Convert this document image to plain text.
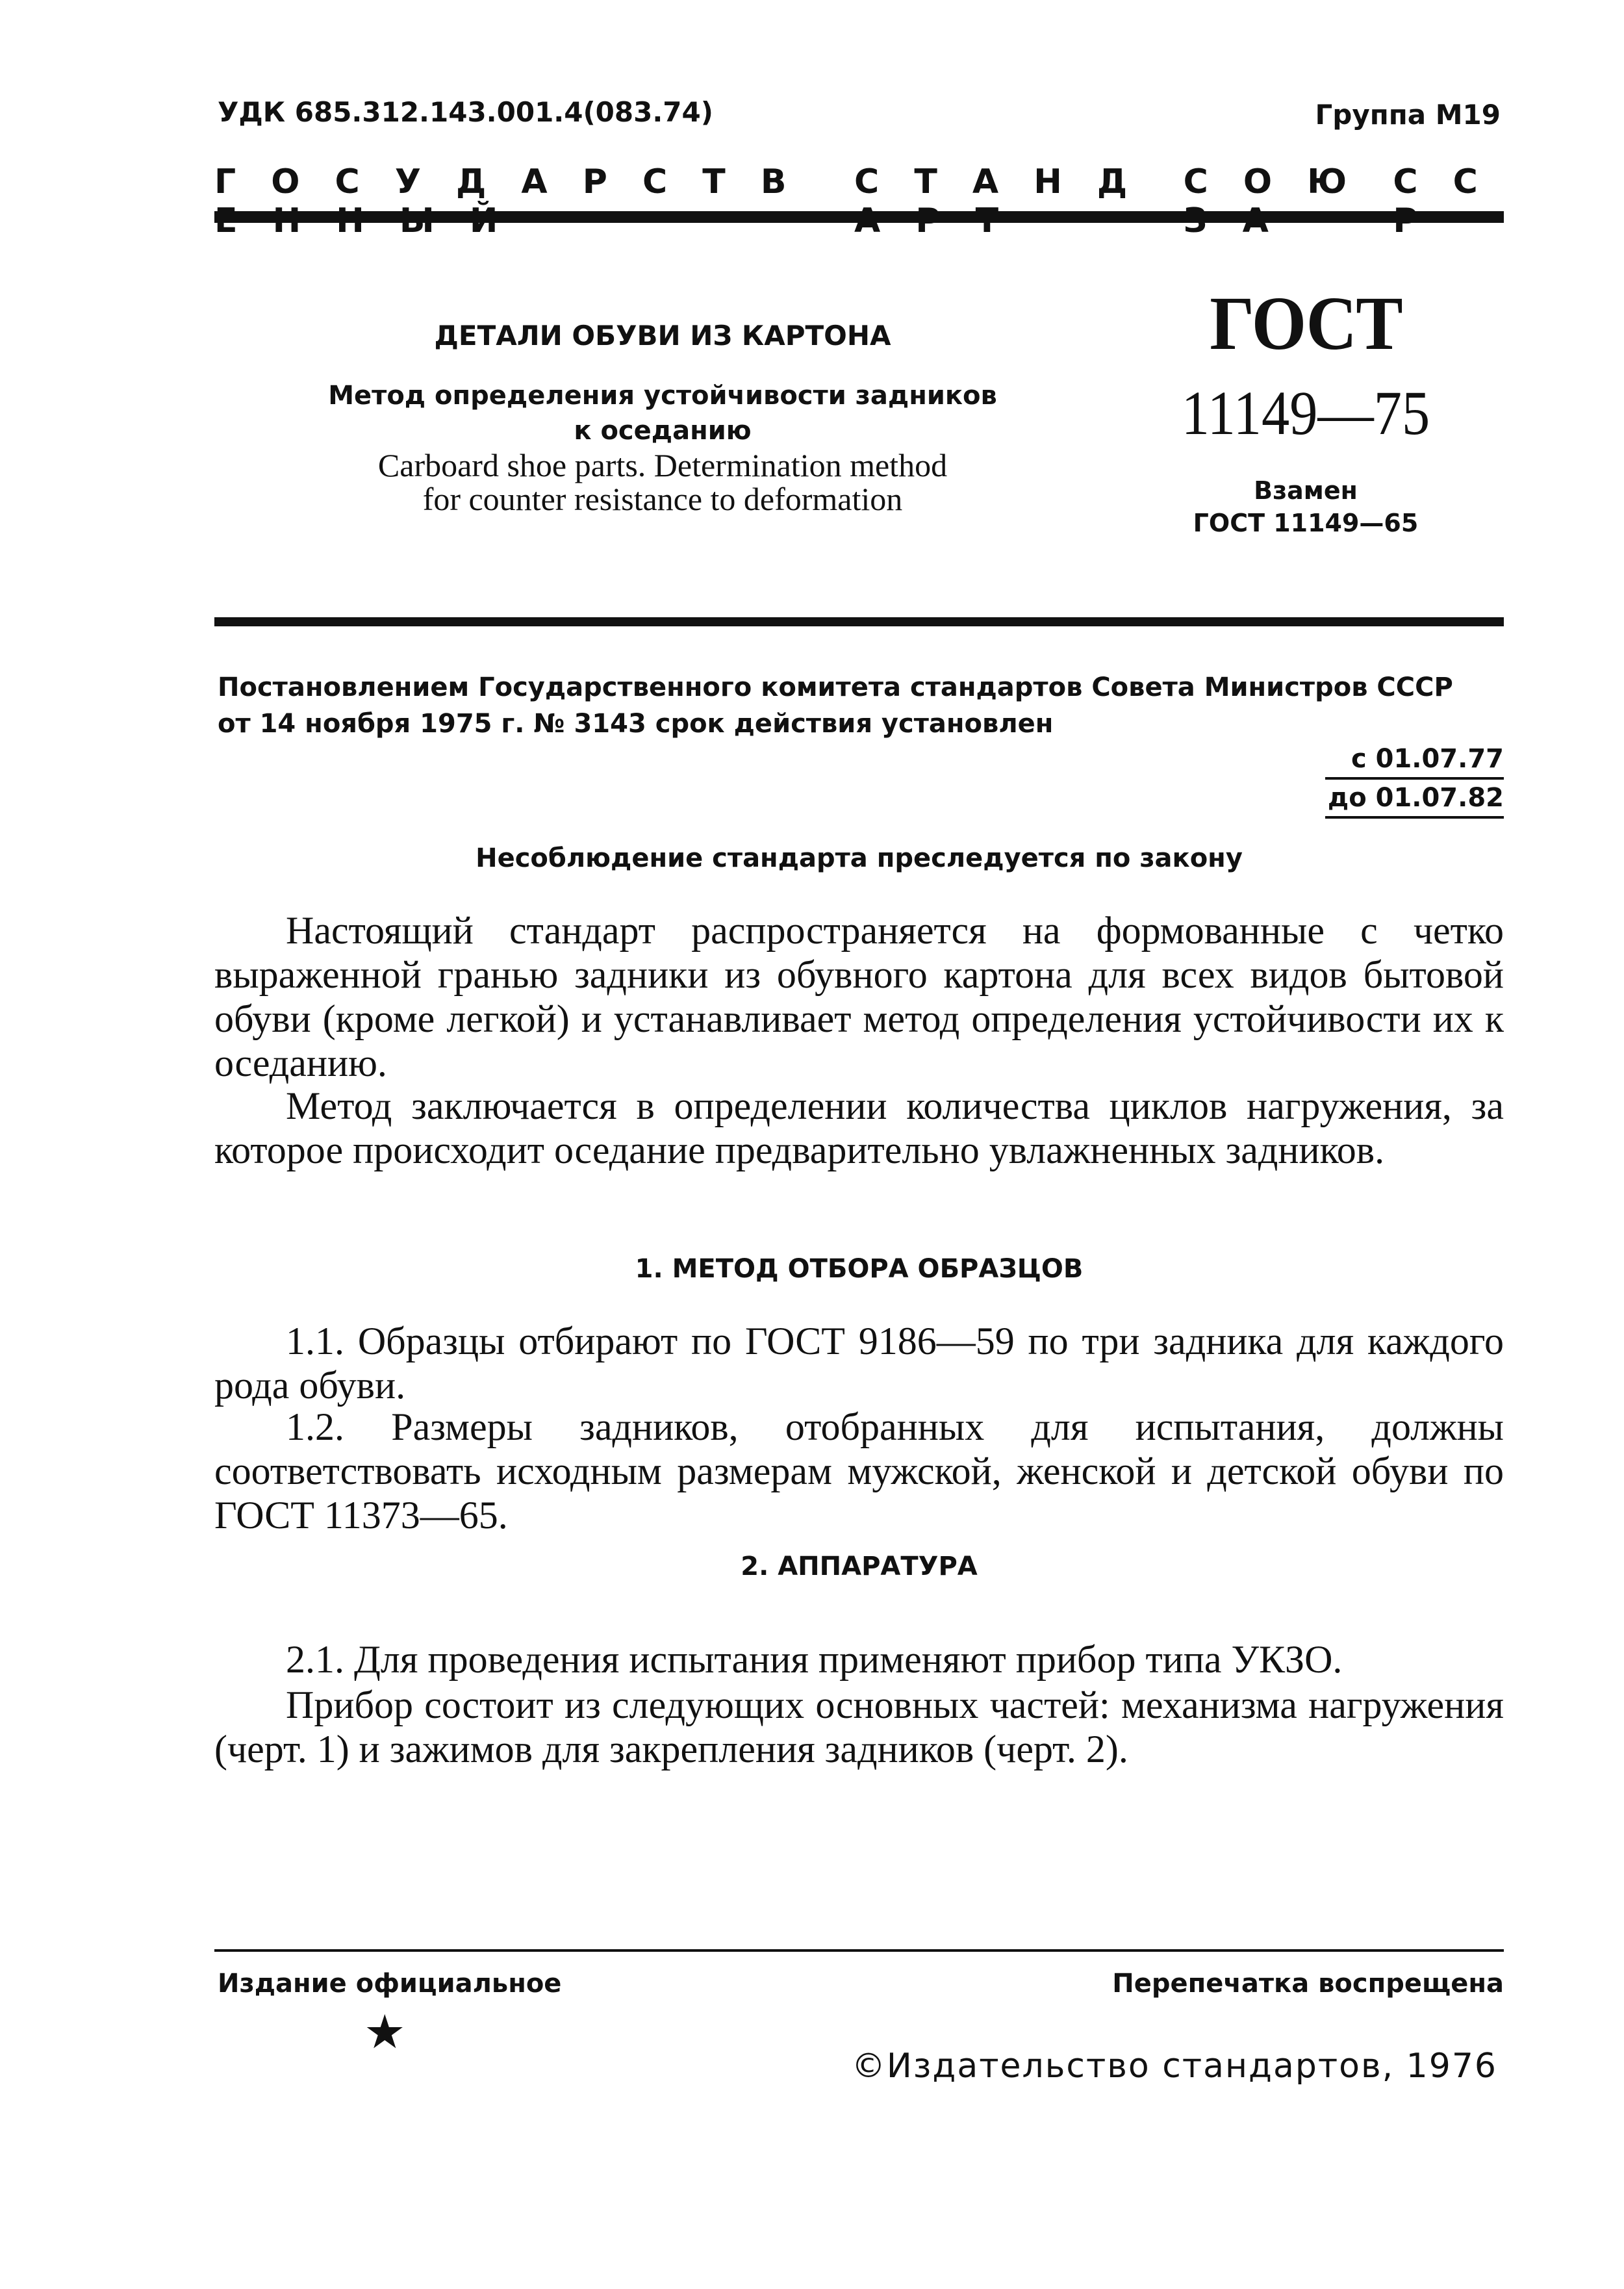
УДК 685.312.143.001.4(083.74)	Группа М19
Г О С У Д А Р С Т В	С Т А Н Д	С О Ю	С С
ДЕТАЛИ ОБУВИ ИЗ КАРТОНА
Метод определения устойчивости задников
к оседанию
Carboard shoe parts. Determination method
for counter resistance to deformation
ГОСТ
11149—75
Взамен
ГОСТ 11149—65
Постановлением Государственного комитета стандартов Совета Министров СССР
от 14 ноября 1975 г. № 3143 срок действия установлен
с 01.07.77
до 01.07.82
Несоблюдение стандарта преследуется по закону
Настоящий стандарт распространяется на формованные с четко выраженной гранью задники из обувного картона для всех видов бытовой обуви (кроме легкой) и устанавливает метод определения устойчивости их к оседанию.
Метод заключается в определении количества циклов нагружения, за которое происходит оседание предварительно увлажненных задников.
1. МЕТОД ОТБОРА ОБРАЗЦОВ
1.1. Образцы отбирают по ГОСТ 9186—59 по три задника для каждого рода обуви.
1.2. Размеры задников, отобранных для испытания, должны соответствовать исходным размерам мужской, женской и детской обуви по ГОСТ 11373—65.
2. АППАРАТУРА
2.1. Для проведения испытания применяют прибор типа УКЗО.
Прибор состоит из следующих основных частей: механизма нагружения (черт. 1) и зажимов для закрепления задников (черт. 2).
Издание официальное	Перепечатка воспрещена
★
©Издательство стандартов, 1976
